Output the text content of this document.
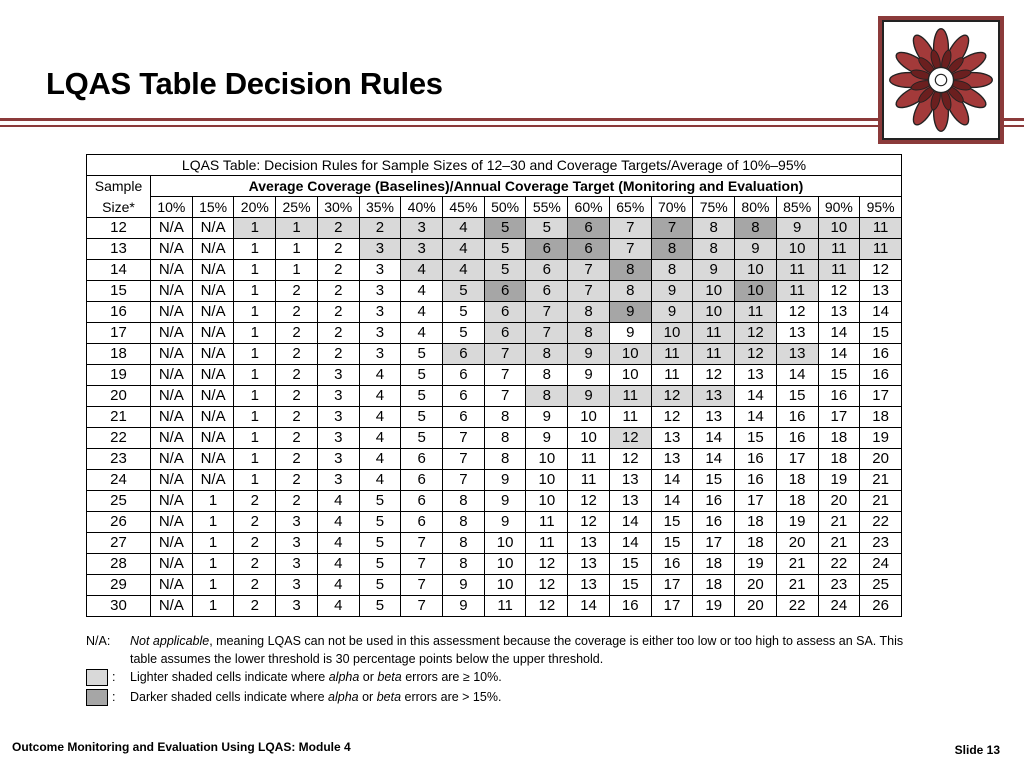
LQAS Table Decision Rules
LQAS Table: Decision Rules for Sample Sizes of 12–30 and Coverage Targets/Average of 10%–95%																		
Sample	Average Coverage (Baselines)/Annual Coverage Target (Monitoring and Evaluation)																	
Size*	10%	15%	20%	25%	30%	35%	40%	45%	50%	55%	60%	65%	70%	75%	80%	85%	90%	95%
12	N/A	N/A	1	1	2	2	3	4	5	5	6	7	7	8	8	9	10	11
13	N/A	N/A	1	1	2	3	3	4	5	6	6	7	8	8	9	10	11	11
14	N/A	N/A	1	1	2	3	4	4	5	6	7	8	8	9	10	11	11	12
15	N/A	N/A	1	2	2	3	4	5	6	6	7	8	9	10	10	11	12	13
16	N/A	N/A	1	2	2	3	4	5	6	7	8	9	9	10	11	12	13	14
17	N/A	N/A	1	2	2	3	4	5	6	7	8	9	10	11	12	13	14	15
18	N/A	N/A	1	2	2	3	5	6	7	8	9	10	11	11	12	13	14	16
19	N/A	N/A	1	2	3	4	5	6	7	8	9	10	11	12	13	14	15	16
20	N/A	N/A	1	2	3	4	5	6	7	8	9	11	12	13	14	15	16	17
21	N/A	N/A	1	2	3	4	5	6	8	9	10	11	12	13	14	16	17	18
22	N/A	N/A	1	2	3	4	5	7	8	9	10	12	13	14	15	16	18	19
23	N/A	N/A	1	2	3	4	6	7	8	10	11	12	13	14	16	17	18	20
24	N/A	N/A	1	2	3	4	6	7	9	10	11	13	14	15	16	18	19	21
25	N/A	1	2	2	4	5	6	8	9	10	12	13	14	16	17	18	20	21
26	N/A	1	2	3	4	5	6	8	9	11	12	14	15	16	18	19	21	22
27	N/A	1	2	3	4	5	7	8	10	11	13	14	15	17	18	20	21	23
28	N/A	1	2	3	4	5	7	8	10	12	13	15	16	18	19	21	22	24
29	N/A	1	2	3	4	5	7	9	10	12	13	15	17	18	20	21	23	25
30	N/A	1	2	3	4	5	7	9	11	12	14	16	17	19	20	22	24	26
N/A: Not applicable, meaning LQAS can not be used in this assessment because the coverage is either too low or too high to assess an SA. This table assumes the lower threshold is 30 percentage points below the upper threshold.
: Lighter shaded cells indicate where alpha or beta errors are ≥ 10%.
: Darker shaded cells indicate where alpha or beta errors are > 15%.
Outcome Monitoring and Evaluation Using LQAS: Module 4	Slide 13
